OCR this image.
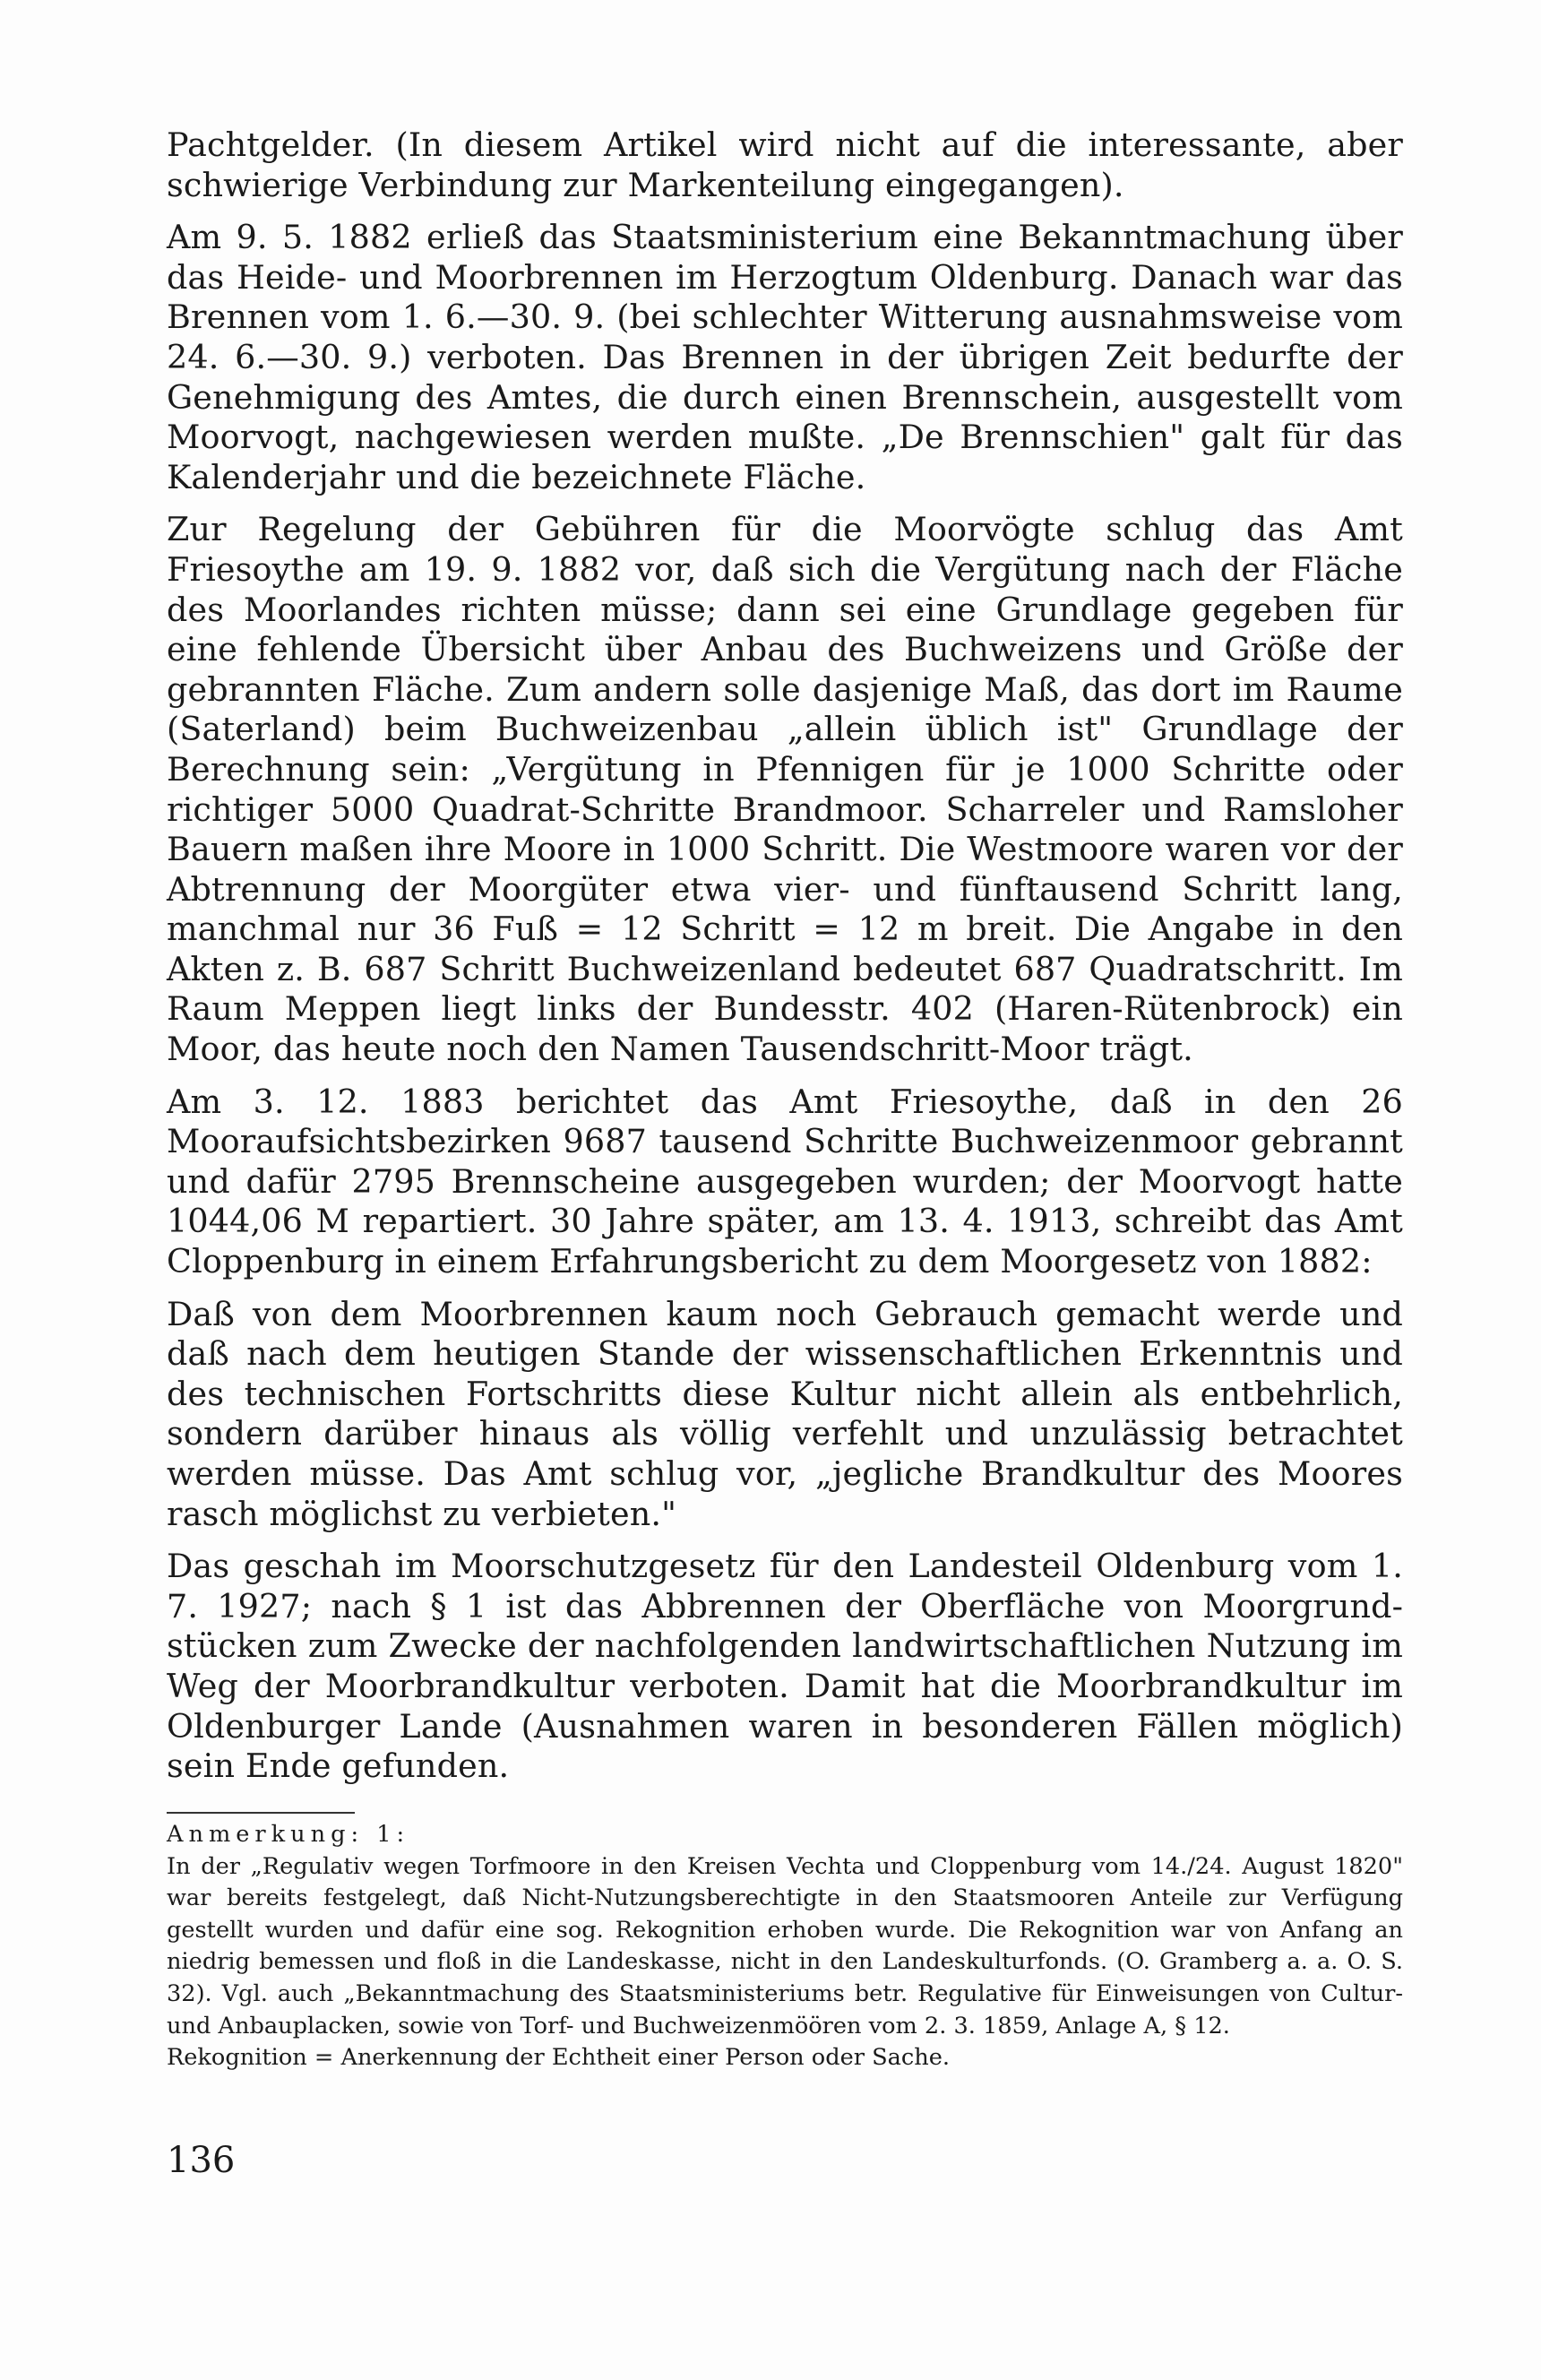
Pachtgelder. (In diesem Artikel wird nicht auf die interessante, aber schwierige Verbindung zur Markenteilung eingegangen).

Am 9. 5. 1882 erließ das Staatsministerium eine Bekanntmachung über das Heide- und Moorbrennen im Herzogtum Oldenburg. Danach war das Brennen vom 1. 6.—30. 9. (bei schlechter Witterung ausnahmsweise vom 24. 6.—30. 9.) verboten. Das Brennen in der übrigen Zeit bedurfte der Genehmigung des Amtes, die durch einen Brennschein, ausgestellt vom Moorvogt, nachgewiesen werden mußte. „De Brennschien" galt für das Kalenderjahr und die bezeichnete Fläche.

Zur Regelung der Gebühren für die Moorvögte schlug das Amt Friesoythe am 19. 9. 1882 vor, daß sich die Vergütung nach der Fläche des Moorlandes richten müsse; dann sei eine Grundlage gegeben für eine fehlende Übersicht über Anbau des Buchweizens und Größe der gebrannten Fläche. Zum andern solle dasjenige Maß, das dort im Raume (Saterland) beim Buchweizenbau „allein üblich ist" Grundlage der Berechnung sein: „Vergütung in Pfennigen für je 1000 Schritte oder richtiger 5000 Quadrat-Schritte Brandmoor. Scharreler und Ramsloher Bauern maßen ihre Moore in 1000 Schritt. Die Westmoore waren vor der Abtrennung der Moorgüter etwa vier- und fünftausend Schritt lang, manchmal nur 36 Fuß = 12 Schritt = 12 m breit. Die Angabe in den Akten z. B. 687 Schritt Buchweizenland bedeutet 687 Quadratschritt. Im Raum Meppen liegt links der Bundesstr. 402 (Haren-Rütenbrock) ein Moor, das heute noch den Namen Tausendschritt-Moor trägt.

Am 3. 12. 1883 berichtet das Amt Friesoythe, daß in den 26 Mooraufsichtsbezirken 9687 tausend Schritte Buchweizenmoor gebrannt und dafür 2795 Brennscheine ausgegeben wurden; der Moorvogt hatte 1044,06 M repartiert. 30 Jahre später, am 13. 4. 1913, schreibt das Amt Cloppenburg in einem Erfahrungsbericht zu dem Moorgesetz von 1882:

Daß von dem Moorbrennen kaum noch Gebrauch gemacht werde und daß nach dem heutigen Stande der wissenschaftlichen Erkenntnis und des technischen Fortschritts diese Kultur nicht allein als entbehrlich, sondern darüber hinaus als völlig verfehlt und unzulässig betrachtet werden müsse. Das Amt schlug vor, „jegliche Brandkultur des Moores rasch möglichst zu verbieten."

Das geschah im Moorschutzgesetz für den Landesteil Oldenburg vom 1. 7. 1927; nach § 1 ist das Abbrennen der Oberfläche von Moorgrundstücken zum Zwecke der nachfolgenden landwirtschaftlichen Nutzung im Weg der Moorbrandkultur verboten. Damit hat die Moorbrandkultur im Oldenburger Lande (Ausnahmen waren in besonderen Fällen möglich) sein Ende gefunden.

Anmerkung: 1:

In der „Regulativ wegen Torfmoore in den Kreisen Vechta und Cloppenburg vom 14./24. August 1820" war bereits festgelegt, daß Nicht-Nutzungsberechtigte in den Staatsmooren Anteile zur Verfügung gestellt wurden und dafür eine sog. Rekognition erhoben wurde. Die Rekognition war von Anfang an niedrig bemessen und floß in die Landeskasse, nicht in den Landeskulturfonds. (O. Gramberg a. a. O. S. 32). Vgl. auch „Bekanntmachung des Staatsministeriums betr. Regulative für Einweisungen von Cultur- und Anbauplacken, sowie von Torf- und Buchweizenmöören vom 2. 3. 1859, Anlage A, § 12.

Rekognition = Anerkennung der Echtheit einer Person oder Sache.

136
